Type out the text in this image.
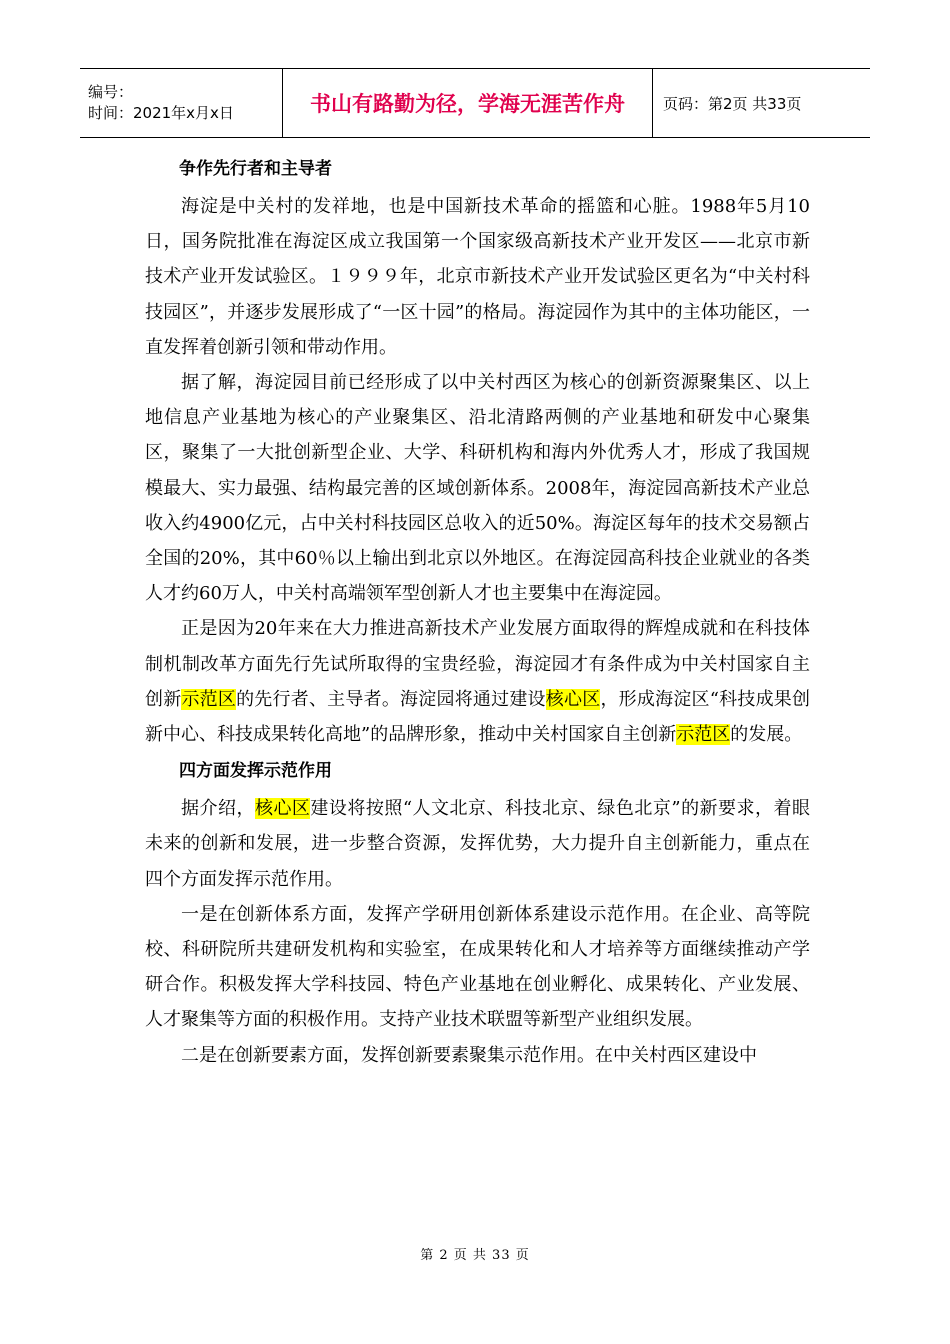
编号：
时间：2021年x月x日	书山有路勤为径，学海无涯苦作舟	页码：第2页 共33页
争作先行者和主导者

海淀是中关村的发祥地，也是中国新技术革命的摇篮和心脏。1988年5月10日，国务院批准在海淀区成立我国第一个国家级高新技术产业开发区——北京市新技术产业开发试验区。１９９９年，北京市新技术产业开发试验区更名为“中关村科技园区”，并逐步发展形成了“一区十园”的格局。海淀园作为其中的主体功能区，一直发挥着创新引领和带动作用。

据了解，海淀园目前已经形成了以中关村西区为核心的创新资源聚集区、以上地信息产业基地为核心的产业聚集区、沿北清路两侧的产业基地和研发中心聚集区，聚集了一大批创新型企业、大学、科研机构和海内外优秀人才，形成了我国规模最大、实力最强、结构最完善的区域创新体系。2008年，海淀园高新技术产业总收入约4900亿元，占中关村科技园区总收入的近50%。海淀区每年的技术交易额占全国的20%，其中60％以上输出到北京以外地区。在海淀园高科技企业就业的各类人才约60万人，中关村高端领军型创新人才也主要集中在海淀园。

正是因为20年来在大力推进高新技术产业发展方面取得的辉煌成就和在科技体制机制改革方面先行先试所取得的宝贵经验，海淀园才有条件成为中关村国家自主创新示范区的先行者、主导者。海淀园将通过建设核心区，形成海淀区“科技成果创新中心、科技成果转化高地”的品牌形象，推动中关村国家自主创新示范区的发展。

四方面发挥示范作用

据介绍，核心区建设将按照“人文北京、科技北京、绿色北京”的新要求，着眼未来的创新和发展，进一步整合资源，发挥优势，大力提升自主创新能力，重点在四个方面发挥示范作用。

一是在创新体系方面，发挥产学研用创新体系建设示范作用。在企业、高等院校、科研院所共建研发机构和实验室，在成果转化和人才培养等方面继续推动产学研合作。积极发挥大学科技园、特色产业基地在创业孵化、成果转化、产业发展、人才聚集等方面的积极作用。支持产业技术联盟等新型产业组织发展。

二是在创新要素方面，发挥创新要素聚集示范作用。在中关村西区建设中

第 2 页 共 33 页
